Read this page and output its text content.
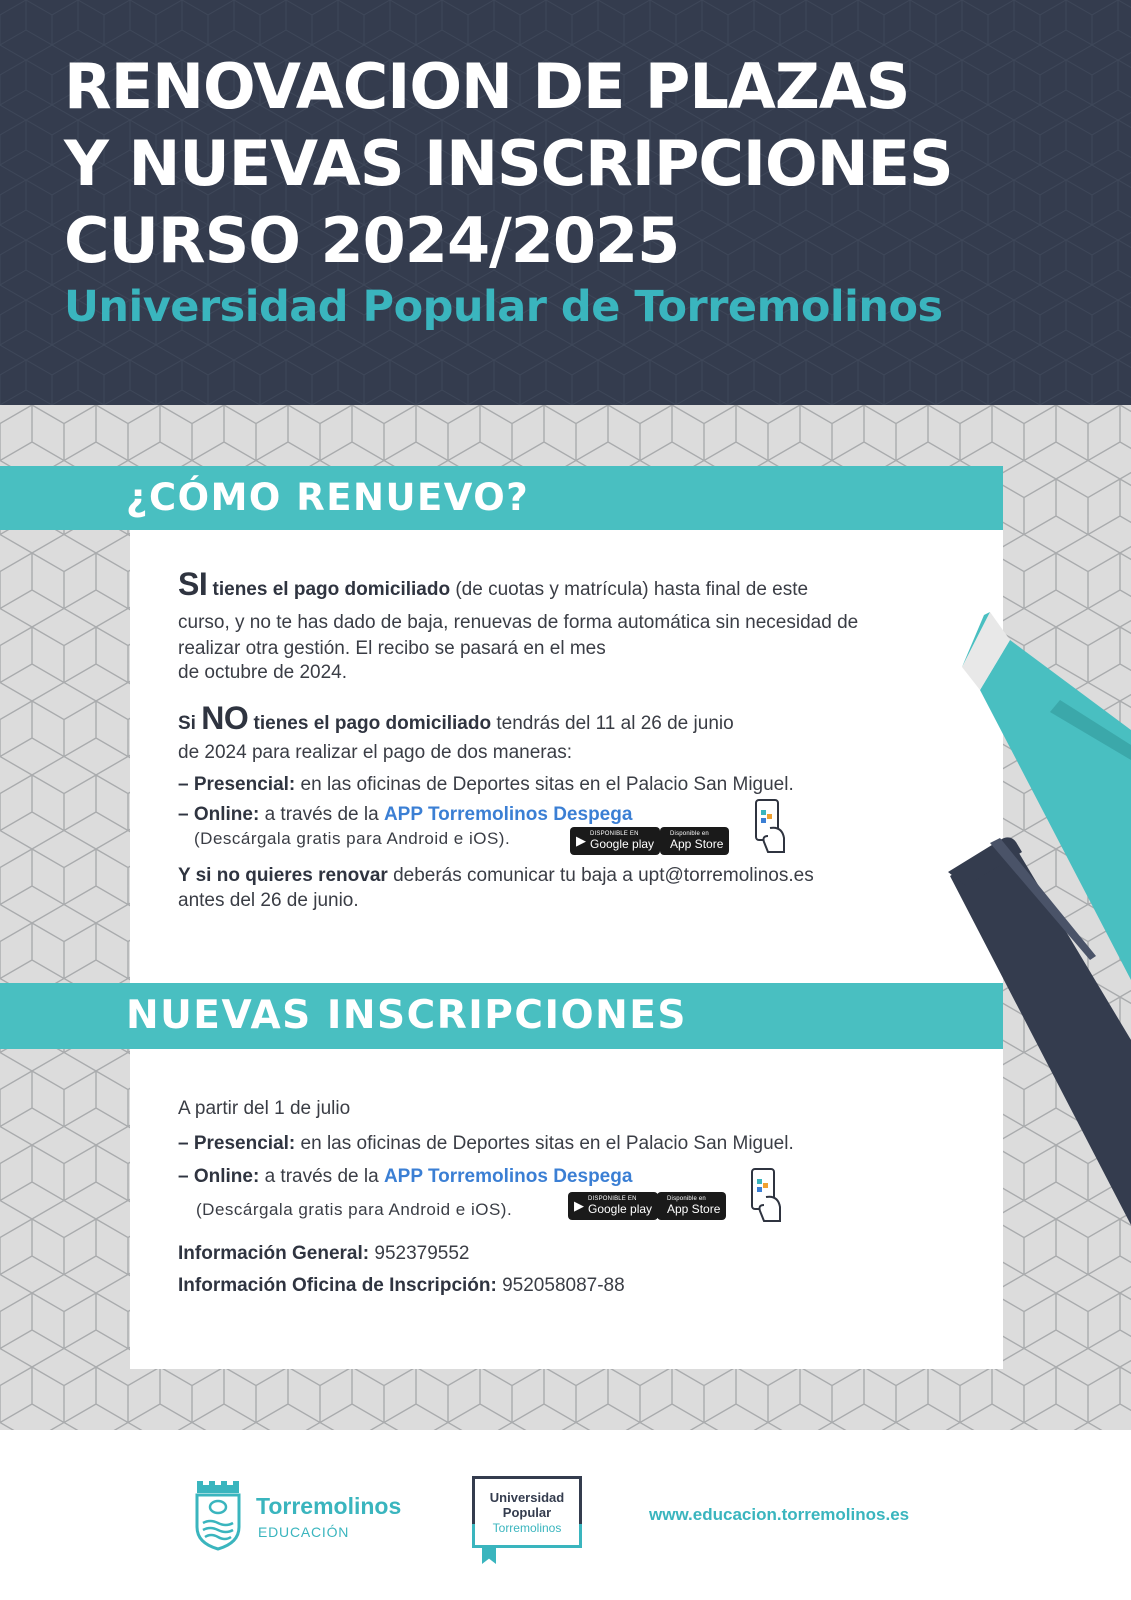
RENOVACION DE PLAZAS
Y NUEVAS INSCRIPCIONES
CURSO 2024/2025
Universidad Popular de Torremolinos
¿CÓMO RENUEVO?
SI tienes el pago domiciliado (de cuotas y matrícula) hasta final de este
curso, y no te has dado de baja, renuevas de forma automática sin necesidad de
realizar otra gestión. El recibo se pasará en el mes
de octubre de 2024.
Si NO tienes el pago domiciliado tendrás del 11 al 26 de junio
de 2024 para realizar el pago de dos maneras:
– Presencial: en las oficinas de Deportes sitas en el Palacio San Miguel.
– Online: a través de la APP Torremolinos Despega
(Descárgala gratis para Android e iOS).	▶ DISPONIBLE EN
Google play
Disponible en
App Store
Y si no quieres renovar deberás comunicar tu baja a upt@torremolinos.es
antes del 26 de junio.
NUEVAS INSCRIPCIONES
A partir del 1 de julio
– Presencial: en las oficinas de Deportes sitas en el Palacio San Miguel.
– Online: a través de la APP Torremolinos Despega
(Descárgala gratis para Android e iOS).	▶ DISPONIBLE EN
Google play
Disponible en
App Store
Información General: 952379552
Información Oficina de Inscripción: 952058087-88
Torremolinos
EDUCACIÓN
Universidad
Popular
Torremolinos
www.educacion.torremolinos.es
